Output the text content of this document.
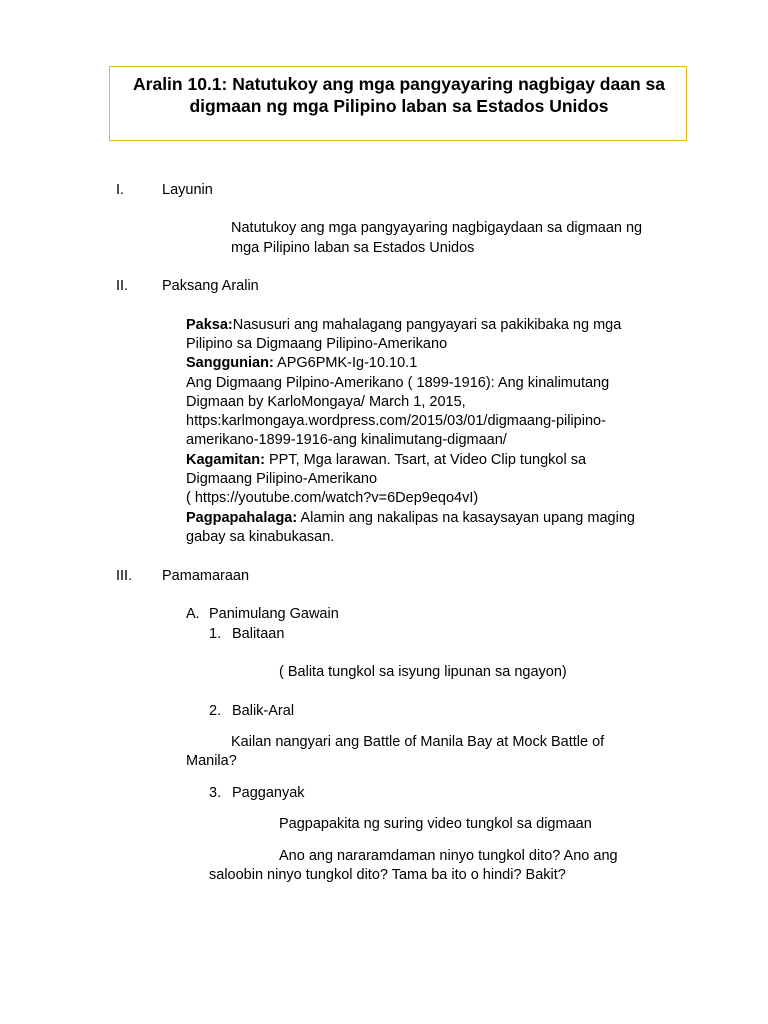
Aralin 10.1: Natutukoy ang mga pangyayaring nagbigay daan sa
digmaan ng mga Pilipino laban sa Estados Unidos
I.	Layunin
Natutukoy ang mga pangyayaring nagbigaydaan sa digmaan ng
mga Pilipino laban sa Estados Unidos
II. Paksang Aralin
Paksa:Nasusuri ang mahalagang pangyayari sa pakikibaka ng mga
Pilipino sa Digmaang Pilipino-Amerikano
Sanggunian: APG6PMK-Ig-10.10.1
Ang Digmaang Pilpino-Amerikano ( 1899-1916): Ang kinalimutang
Digmaan by KarloMongaya/ March 1, 2015,
https:karlmongaya.wordpress.com/2015/03/01/digmaang-pilipino-
amerikano-1899-1916-ang kinalimutang-digmaan/
Kagamitan: PPT, Mga larawan. Tsart, at Video Clip tungkol sa
Digmaang Pilipino-Amerikano
( https://youtube.com/watch?v=6Dep9eqo4vI)
Pagpapahalaga: Alamin ang nakalipas na kasaysayan upang maging
gabay sa kinabukasan.
III. Pamamaraan
A. Panimulang Gawain
1. Balitaan
( Balita tungkol sa isyung lipunan sa ngayon)
2. Balik-Aral
Kailan nangyari ang Battle of Manila Bay at Mock Battle of
Manila?
3. Pagganyak
Pagpapakita ng suring video tungkol sa digmaan
Ano ang nararamdaman ninyo tungkol dito? Ano ang
saloobin ninyo tungkol dito? Tama ba ito o hindi? Bakit?
